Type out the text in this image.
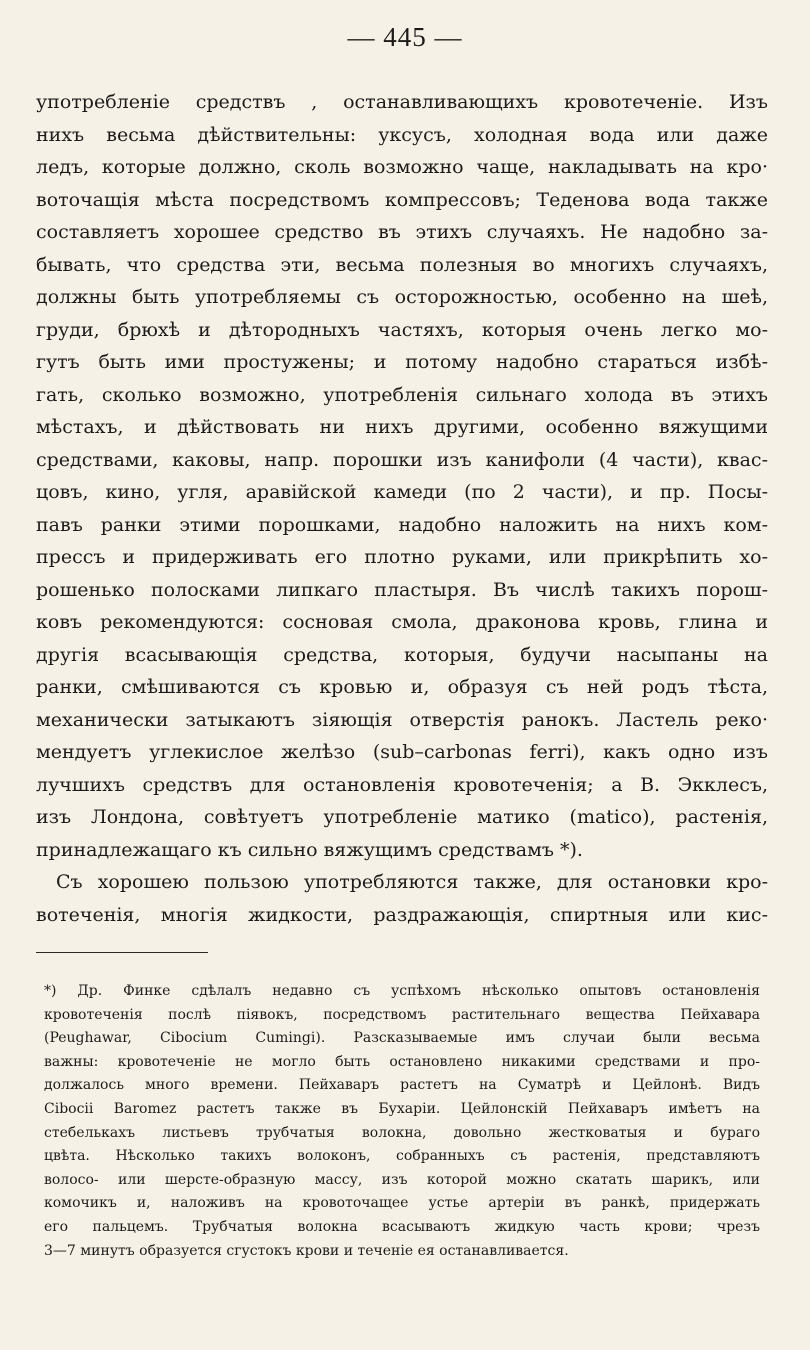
— 445 —
употребленіе средствъ , останавливающихъ кровотеченіе. Изъ
нихъ весьма дѣйствительны: уксусъ, холодная вода или даже
ледъ, которые должно, сколь возможно чаще, накладывать на кро·
воточащія мѣста посредствомъ компрессовъ; Теденова вода также
составляетъ хорошее средство въ этихъ случаяхъ. Не надобно за-
бывать, что средства эти, весьма полезныя во многихъ случаяхъ,
должны быть употребляемы съ осторожностью, особенно на шеѣ,
груди, брюхѣ и дѣтородныхъ частяхъ, которыя очень легко мо-
гутъ быть ими простужены; и потому надобно стараться избѣ-
гать, сколько возможно, употребленія сильнаго холода въ этихъ
мѣстахъ, и дѣйствовать ни нихъ другими, особенно вяжущими
средствами, каковы, напр. порошки изъ канифоли (4 части), квас-
цовъ, кино, угля, аравійской камеди (по 2 части), и пр. Посы-
павъ ранки этими порошками, надобно наложить на нихъ ком-
прессъ и придерживать его плотно руками, или прикрѣпить хо-
рошенько полосками липкаго пластыря. Въ числѣ такихъ порош-
ковъ рекомендуются: сосновая смола, драконова кровь, глина и
другія всасывающія средства, которыя, будучи насыпаны на
ранки, смѣшиваются съ кровью и, образуя съ ней родъ тѣста,
механически затыкаютъ зіяющія отверстія ранокъ. Ластель реко·
мендуетъ углекислое желѣзо (sub–carbonas ferri), какъ одно изъ
лучшихъ средствъ для остановленія кровотеченія; а В. Экклесъ,
изъ Лондона, совѣтуетъ употребленіе матико (matico), растенія,
принадлежащаго къ сильно вяжущимъ средствамъ *).
Съ хорошею пользою употребляются также, для остановки кро-
вотеченія, многія жидкости, раздражающія, спиртныя или кис-
*) Др. Финке сдѣлалъ недавно съ успѣхомъ нѣсколько опытовъ остановленія
кровотеченія послѣ піявокъ, посредствомъ растительнаго вещества Пейхавара
(Peughawar, Cibocium Cumingi). Разсказываемые имъ случаи были весьма
важны: кровотеченіе не могло быть остановлено никакими средствами и про-
должалось много времени. Пейхаваръ растетъ на Суматрѣ и Цейлонѣ. Видъ
Cibocii Baromez растетъ также въ Бухаріи. Цейлонскій Пейхаваръ имѣетъ на
стебелькахъ листьевъ трубчатыя волокна, довольно жестковатыя и бураго
цвѣта. Нѣсколько такихъ волоконъ, собранныхъ съ растенія, представляютъ
волосо- или шерсте-образную массу, изъ которой можно скатать шарикъ, или
комочикъ и, наложивъ на кровоточащее устье артеріи въ ранкѣ, придержать
его пальцемъ. Трубчатыя волокна всасываютъ жидкую часть крови; чрезъ
3—7 минутъ образуется сгустокъ крови и теченіе ея останавливается.
